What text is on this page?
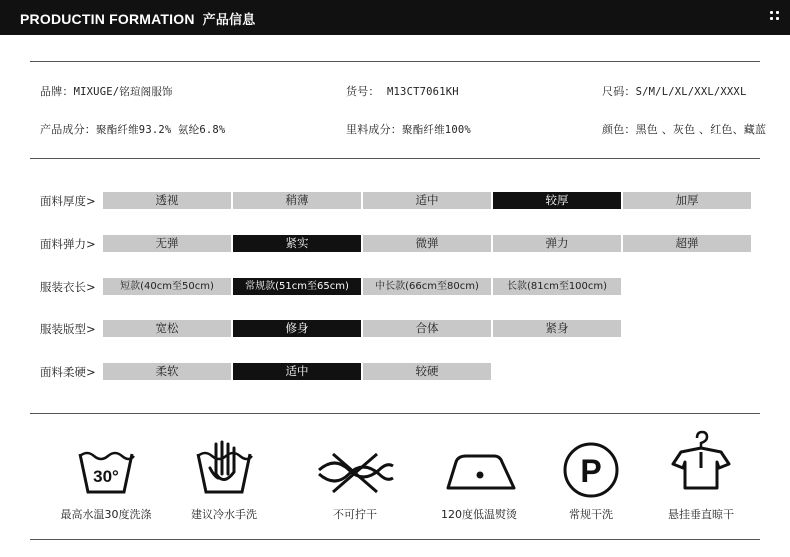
PRODUCTIN FORMATION 产品信息
品牌：MIXUGE/铭瑄阁服饰	货号： M13CT7061KH	尺码：S/M/L/XL/XXL/XXXL
产品成分：聚酯纤维93.2% 氨纶6.8%	里料成分：聚酯纤维100%	颜色：黑色 、灰色 、红色、藏蓝
面料厚度>	透视	稍薄	适中	较厚	加厚
面料弹力>	无弹	紧实	微弹	弹力	超弹
服装衣长>	短款(40cm至50cm)	常规款(51cm至65cm)	中长款(66cm至80cm)	长款(81cm至100cm)
服装版型>	宽松	修身	合体	紧身
面料柔硬>	柔软	适中	较硬
30°
最高水温30度洗涤	建议冷水手洗	不可拧干	120度低温熨烫
P
常规干洗	悬挂垂直晾干
